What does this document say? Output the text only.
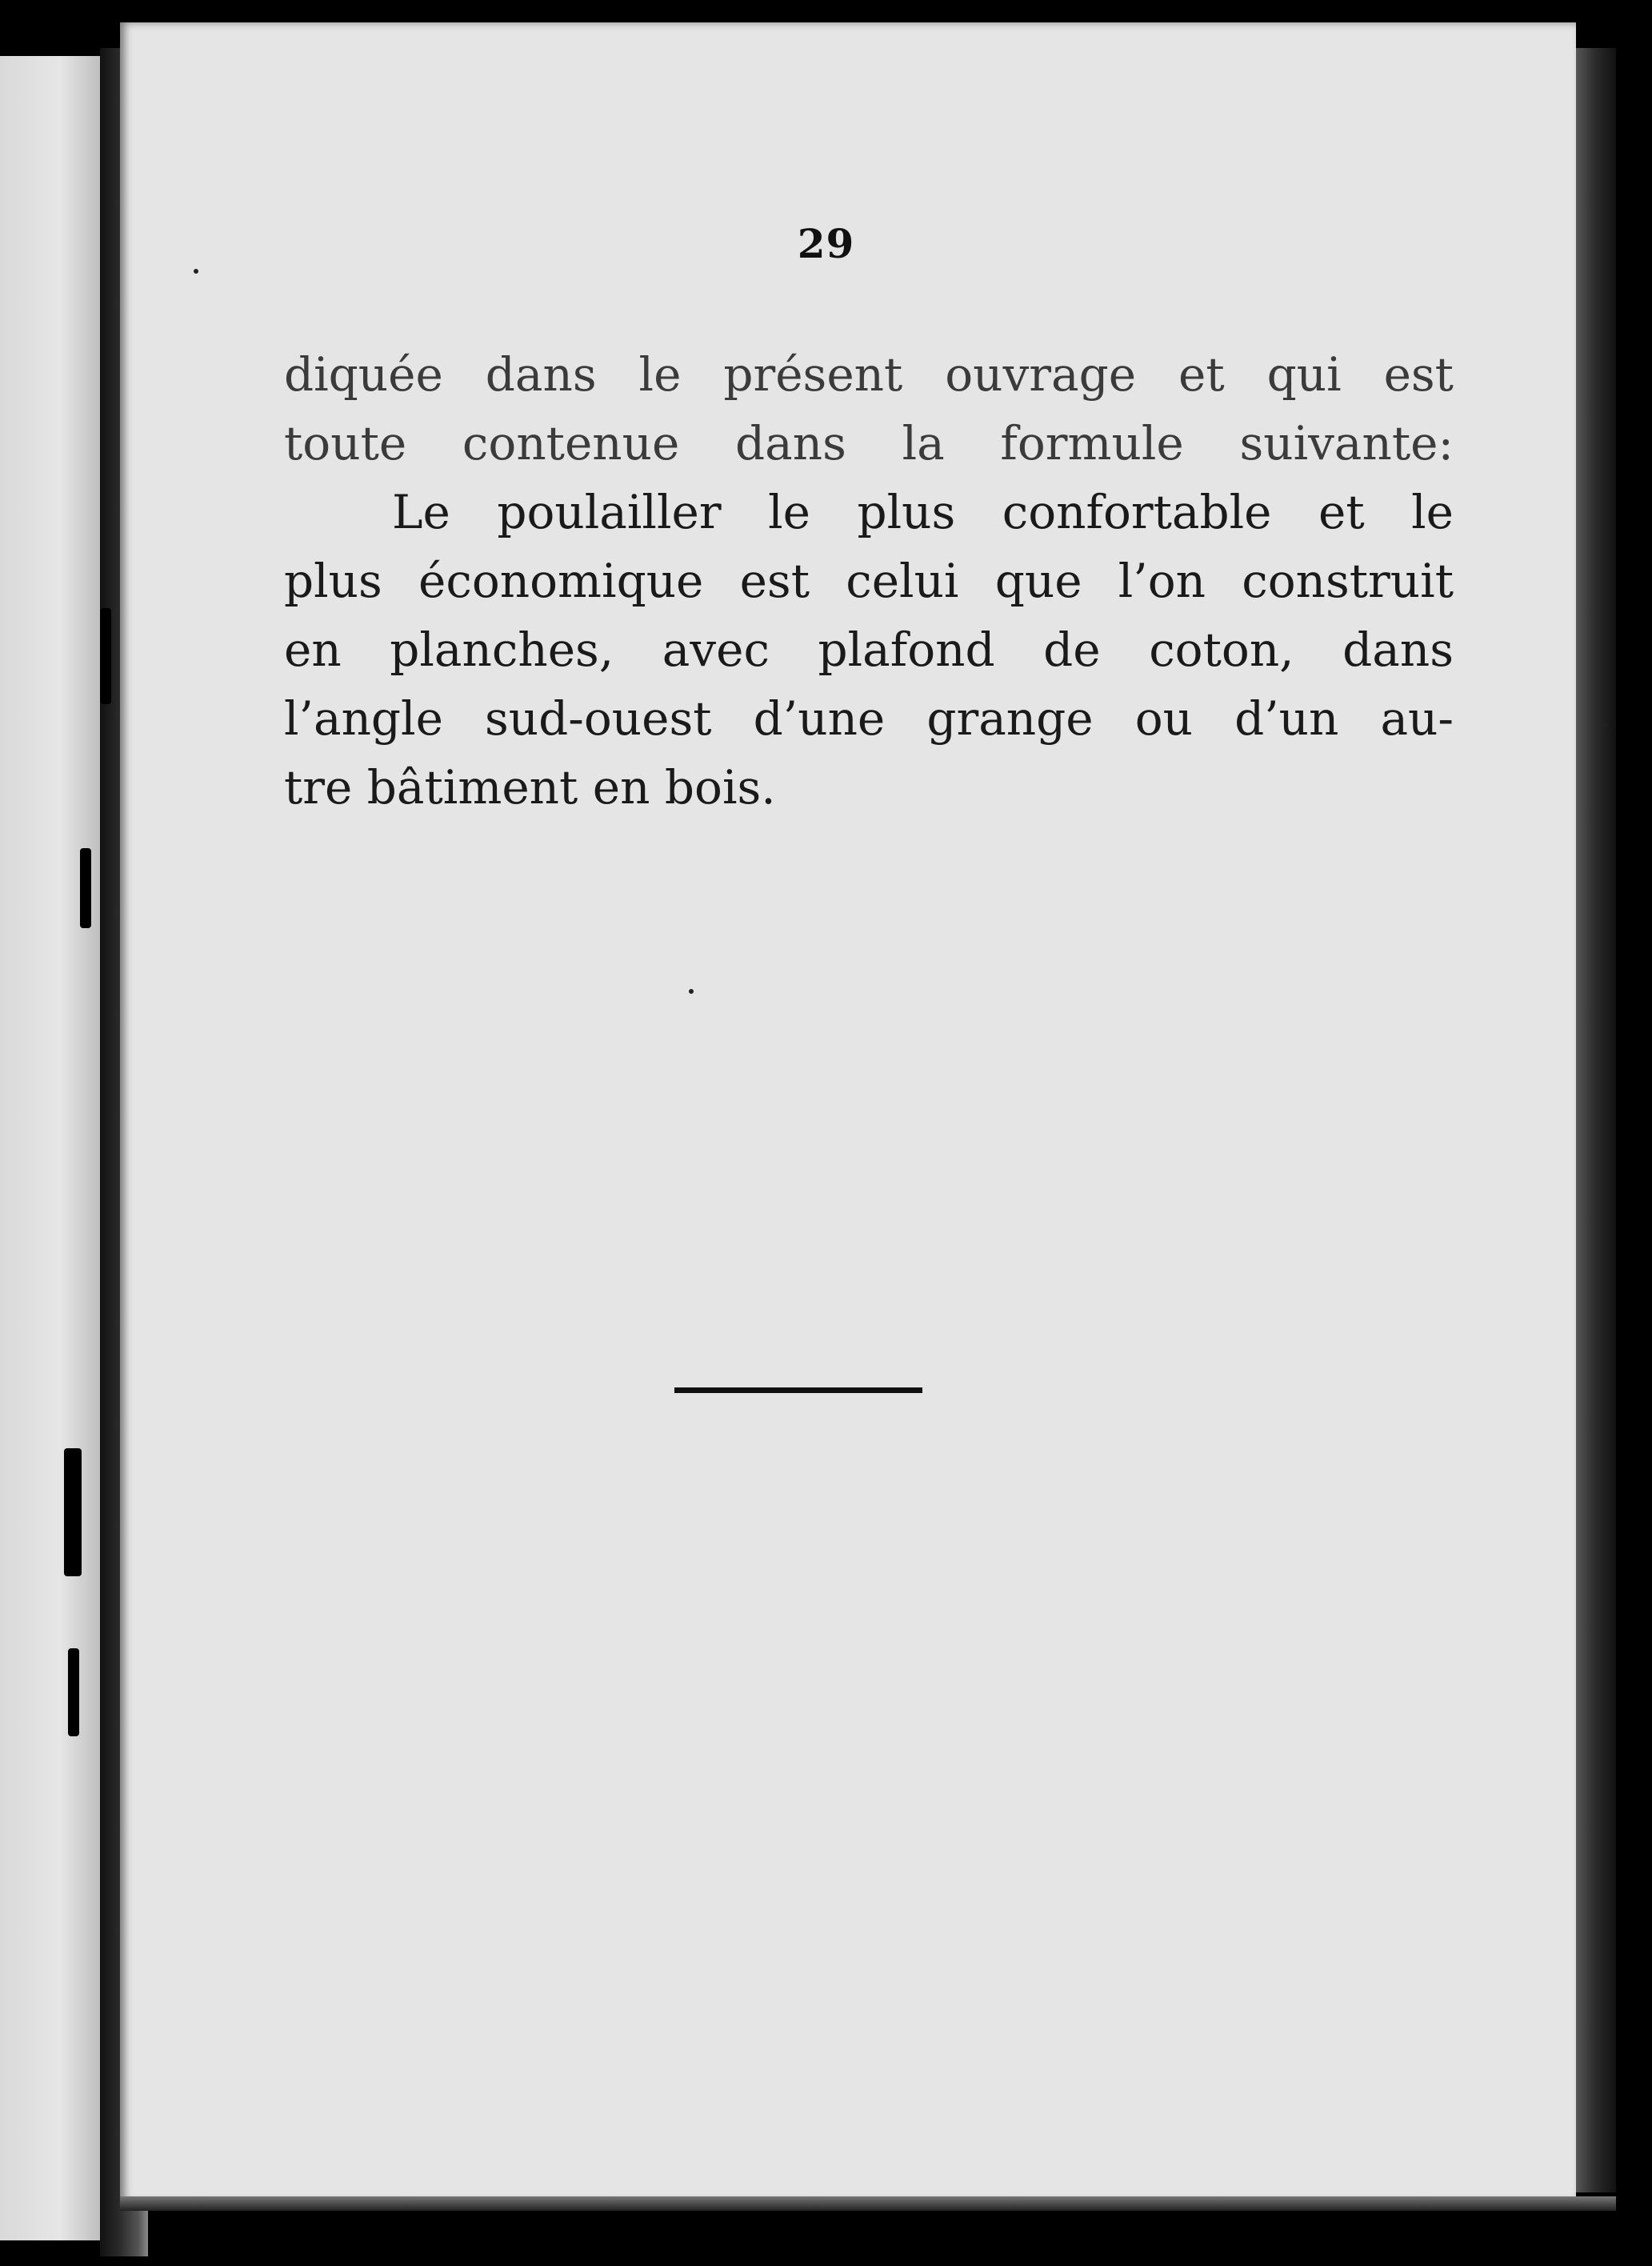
29
diquée dans le présent ouvrage et qui est
toute contenue dans la formule suivante:
Le poulailler le plus confortable et le
plus économique est celui que l’on construit
en planches, avec plafond de coton, dans
l’angle sud-ouest d’une grange ou d’un au-
tre bâtiment en bois.
